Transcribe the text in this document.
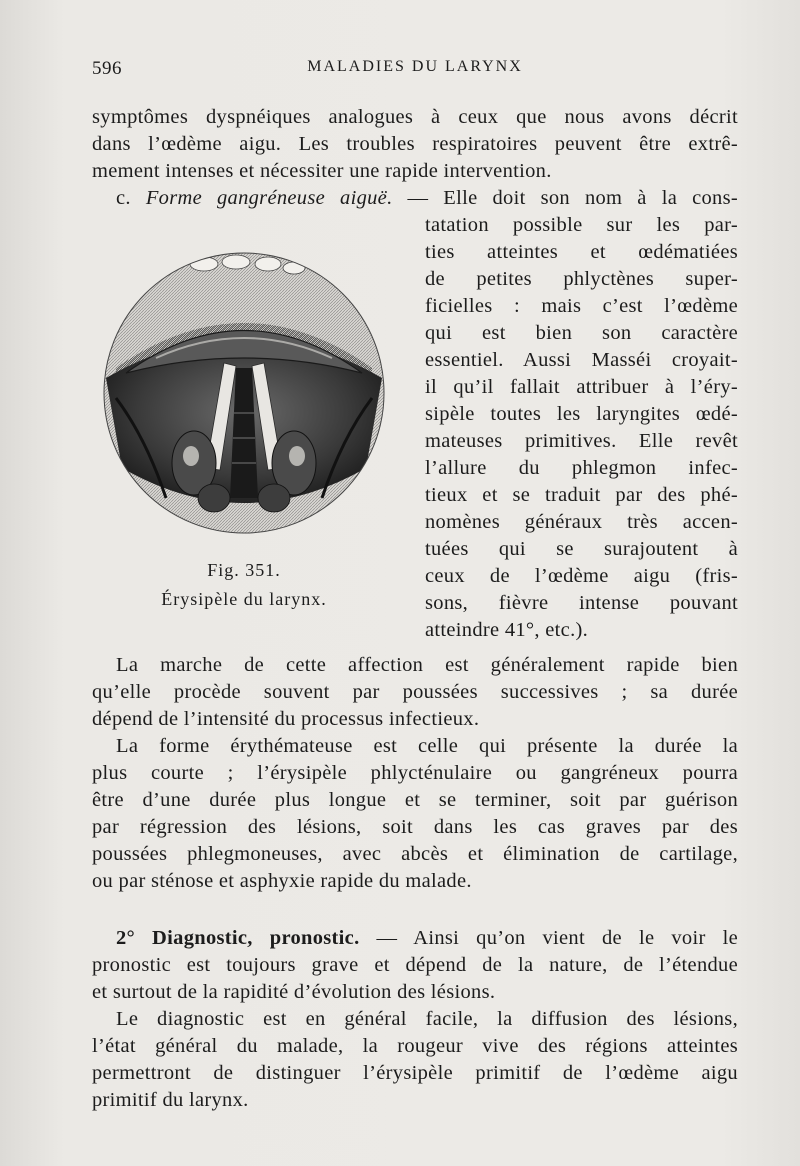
596	MALADIES DU LARYNX
symptômes dyspnéiques analogues à ceux que nous avons décrit
dans l’œdème aigu. Les troubles respiratoires peuvent être extrê-
mement intenses et nécessiter une rapide intervention.
c. Forme gangréneuse aiguë. — Elle doit son nom à la cons-
tatation possible sur les par-
ties atteintes et œdématiées
de petites phlyctènes super-
ficielles : mais c’est l’œdème
qui est bien son caractère
essentiel. Aussi Masséi croyait-
il qu’il fallait attribuer à l’éry-
sipèle toutes les laryngites œdé-
mateuses primitives. Elle revêt
l’allure du phlegmon infec-
tieux et se traduit par des phé-
nomènes généraux très accen-
tuées qui se surajoutent à
ceux de l’œdème aigu (fris-
sons, fièvre intense pouvant
atteindre 41°, etc.).
Fig. 351.
Érysipèle du larynx.
La marche de cette affection est généralement rapide bien
qu’elle procède souvent par poussées successives ; sa durée
dépend de l’intensité du processus infectieux.
La forme érythémateuse est celle qui présente la durée la
plus courte ; l’érysipèle phlycténulaire ou gangréneux pourra
être d’une durée plus longue et se terminer, soit par guérison
par régression des lésions, soit dans les cas graves par des
poussées phlegmoneuses, avec abcès et élimination de cartilage,
ou par sténose et asphyxie rapide du malade.
2° Diagnostic, pronostic. — Ainsi qu’on vient de le voir le
pronostic est toujours grave et dépend de la nature, de l’étendue
et surtout de la rapidité d’évolution des lésions.
Le diagnostic est en général facile, la diffusion des lésions,
l’état général du malade, la rougeur vive des régions atteintes
permettront de distinguer l’érysipèle primitif de l’œdème aigu
primitif du larynx.
